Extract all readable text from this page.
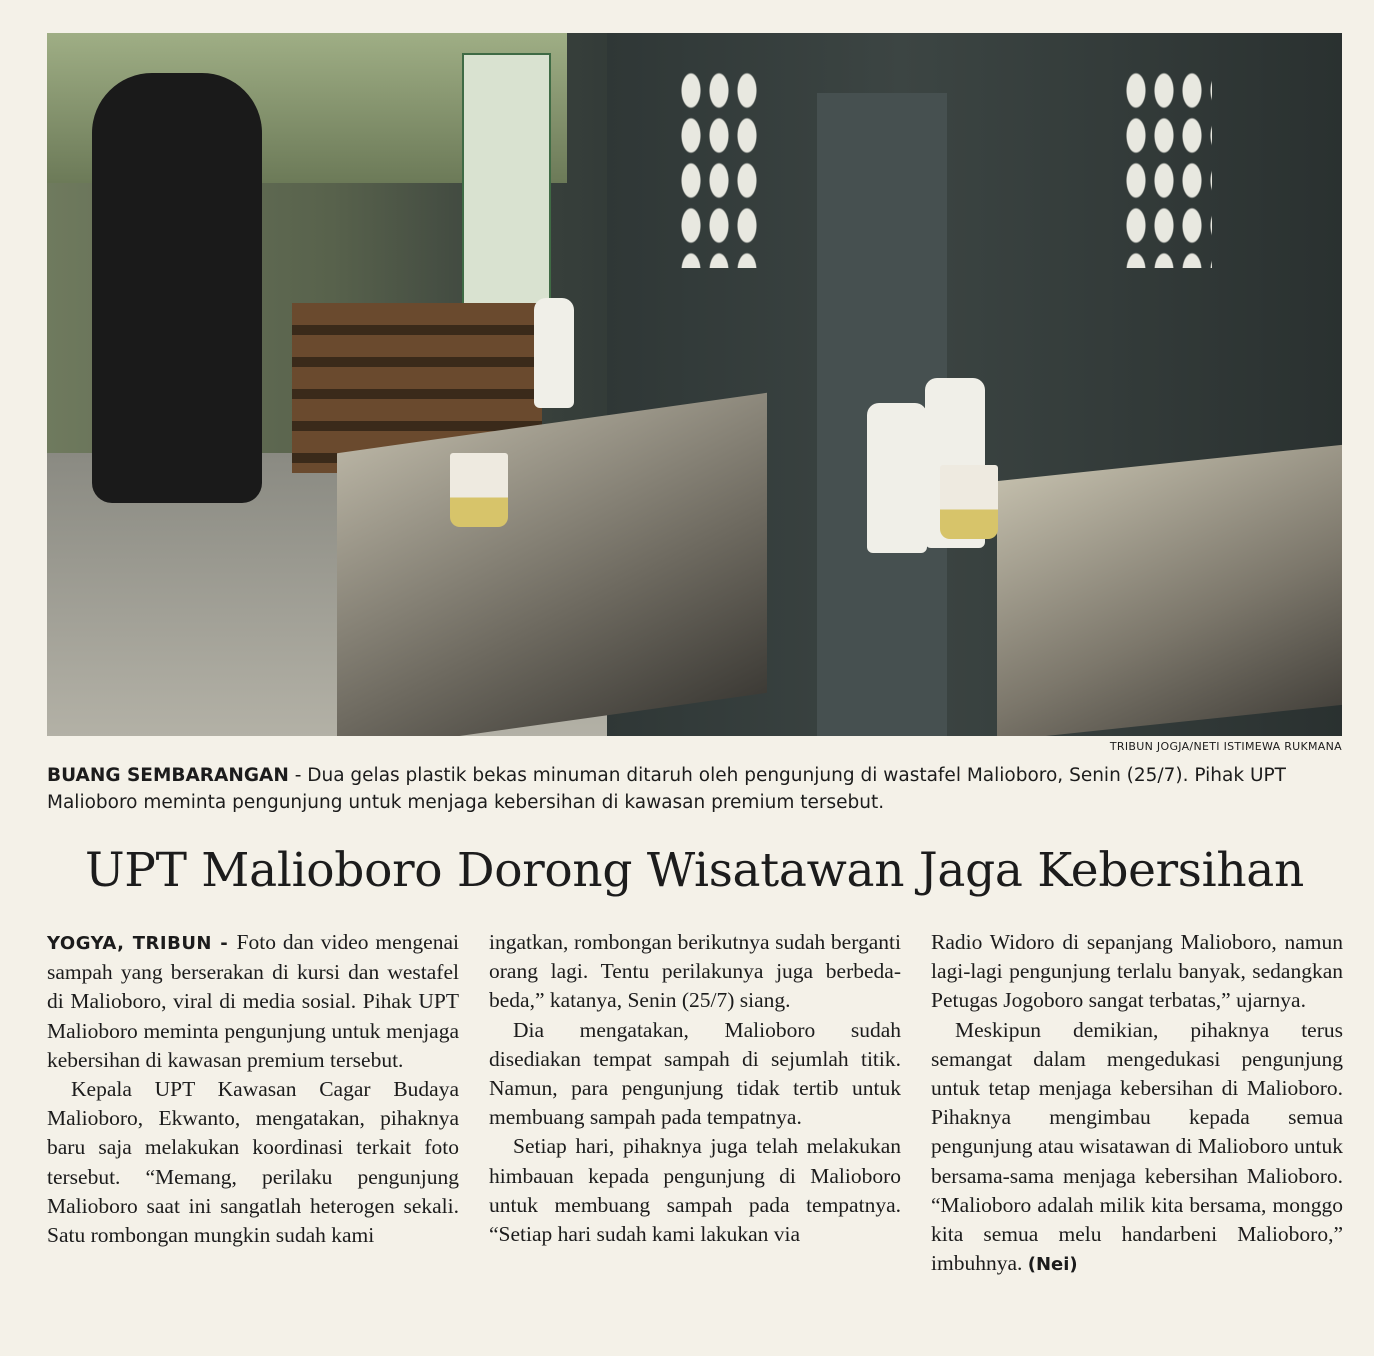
TRIBUN JOGJA/NETI ISTIMEWA RUKMANA
BUANG SEMBARANGAN - Dua gelas plastik bekas minuman ditaruh oleh pengunjung di wastafel Malioboro, Senin (25/7). Pihak UPT Malioboro meminta pengunjung untuk menjaga kebersihan di kawasan premium tersebut.
UPT Malioboro Dorong Wisatawan Jaga Kebersihan

YOGYA, TRIBUN - Foto dan video mengenai sampah yang berserakan di kursi dan westafel di Malioboro, viral di media sosial. Pihak UPT Malioboro meminta pengunjung untuk menjaga kebersihan di kawasan premium tersebut.

Kepala UPT Kawasan Cagar Budaya Malioboro, Ekwanto, mengatakan, pihaknya baru saja melakukan koordinasi terkait foto tersebut. “Memang, perilaku pengunjung Malioboro saat ini sangatlah heterogen sekali. Satu rombongan mungkin sudah kami

ingatkan, rombongan berikutnya sudah berganti orang lagi. Tentu perilakunya juga berbeda-beda,” katanya, Senin (25/7) siang.

Dia mengatakan, Malioboro sudah disediakan tempat sampah di sejumlah titik. Namun, para pengunjung tidak tertib untuk membuang sampah pada tempatnya.

Setiap hari, pihaknya juga telah melakukan himbauan kepada pengunjung di Malioboro untuk membuang sampah pada tempatnya. “Setiap hari sudah kami lakukan via

Radio Widoro di sepanjang Malioboro, namun lagi-lagi pengunjung terlalu banyak, sedangkan Petugas Jogoboro sangat terbatas,” ujarnya.

Meskipun demikian, pihaknya terus semangat dalam mengedukasi pengunjung untuk tetap menjaga kebersihan di Malioboro. Pihaknya mengimbau kepada semua pengunjung atau wisatawan di Malioboro untuk bersama-sama menjaga kebersihan Malioboro. “Malioboro adalah milik kita bersama, monggo kita semua melu handarbeni Malioboro,” imbuhnya. (Nei)
